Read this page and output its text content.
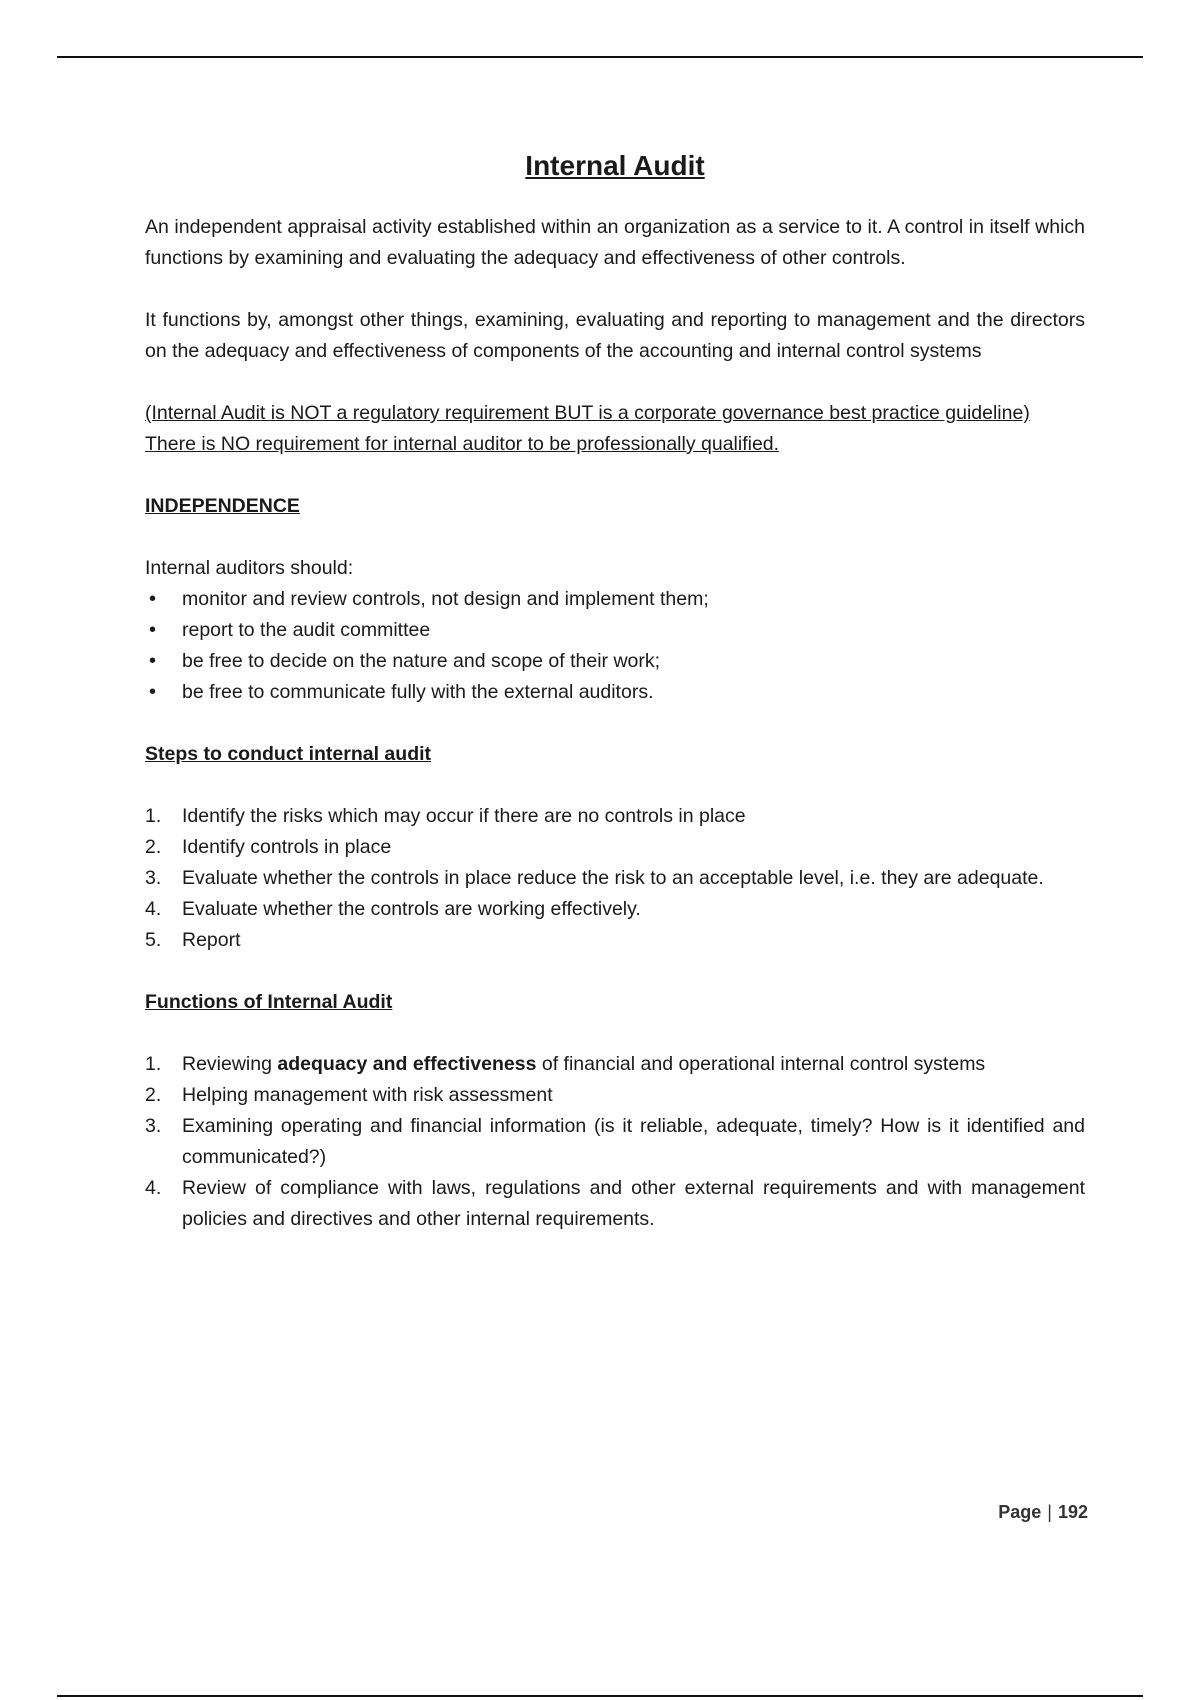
Internal Audit

An independent appraisal activity established within an organization as a service to it. A control in itself which functions by examining and evaluating the adequacy and effectiveness of other controls.

It functions by, amongst other things, examining, evaluating and reporting to management and the directors on the adequacy and effectiveness of components of the accounting and internal control systems

(Internal Audit is NOT a regulatory requirement BUT is a corporate governance best practice guideline)

There is NO requirement for internal auditor to be professionally qualified.

INDEPENDENCE

Internal auditors should:

• monitor and review controls, not design and implement them;
• report to the audit committee
• be free to decide on the nature and scope of their work;
• be free to communicate fully with the external auditors.

Steps to conduct internal audit

1. Identify the risks which may occur if there are no controls in place
2. Identify controls in place
3. Evaluate whether the controls in place reduce the risk to an acceptable level, i.e. they are adequate.
4. Evaluate whether the controls are working effectively.
5. Report

Functions of Internal Audit

1. Reviewing adequacy and effectiveness of financial and operational internal control systems
2. Helping management with risk assessment
3. Examining operating and financial information (is it reliable, adequate, timely? How is it identified and communicated?)
4. Review of compliance with laws, regulations and other external requirements and with management policies and directives and other internal requirements.
Page | 192
